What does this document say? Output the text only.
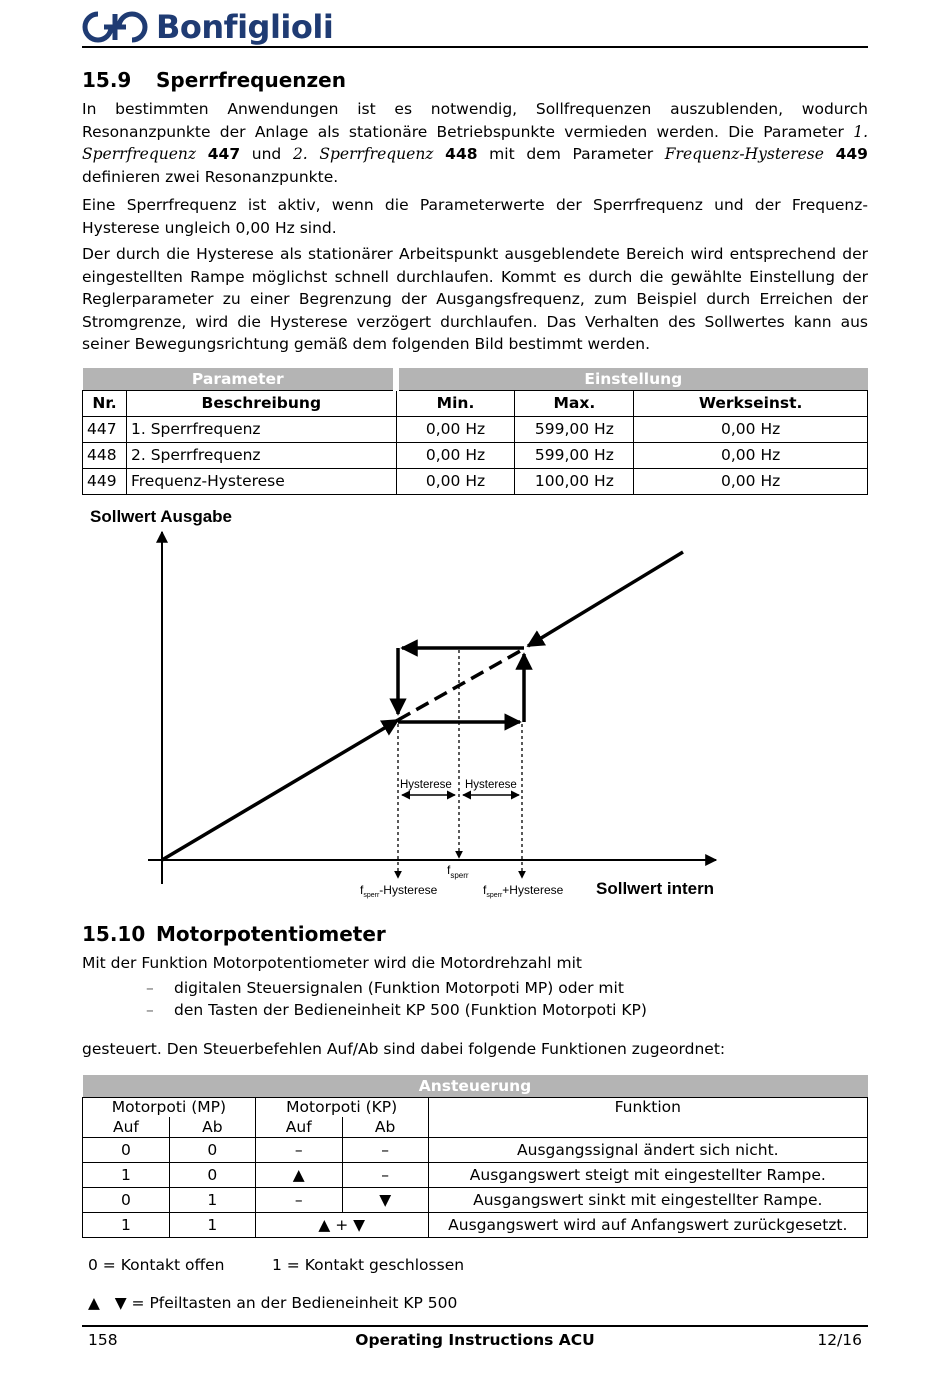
Bonfiglioli
15.9 Sperrfrequenzen
In bestimmten Anwendungen ist es notwendig, Sollfrequenzen auszublenden, wodurch Resonanzpunkte der Anlage als stationäre Betriebspunkte vermieden werden. Die Parameter 1. Sperrfrequenz 447 und 2. Sperrfrequenz 448 mit dem Parameter Frequenz-Hysterese 449 definieren zwei Resonanzpunkte.
Eine Sperrfrequenz ist aktiv, wenn die Parameterwerte der Sperrfrequenz und der Frequenz-Hysterese ungleich 0,00 Hz sind.
Der durch die Hysterese als stationärer Arbeitspunkt ausgeblendete Bereich wird entsprechend der eingestellten Rampe möglichst schnell durchlaufen. Kommt es durch die gewählte Einstellung der Reglerparameter zu einer Begrenzung der Ausgangsfrequenz, zum Beispiel durch Erreichen der Stromgrenze, wird die Hysterese verzögert durchlaufen. Das Verhalten des Sollwertes kann aus seiner Bewegungsrichtung gemäß dem folgenden Bild bestimmt werden.
Parameter		Einstellung		
Nr.	Beschreibung	Min.	Max.	Werkseinst.
447	1. Sperrfrequenz	0,00 Hz	599,00 Hz	0,00 Hz
448	2. Sperrfrequenz	0,00 Hz	599,00 Hz	0,00 Hz
449	Frequenz-Hysterese	0,00 Hz	100,00 Hz	0,00 Hz
Sollwert Ausgabe
Sollwert intern
Hysterese Hysterese
$f_{sperr}$
$f_{sperr}$-Hysterese	$f_{sperr}+Hysterese$
15.10 Motorpotentiometer
Mit der Funktion Motorpotentiometer wird die Motordrehzahl mit
– digitalen Steuersignalen (Funktion Motorpoti MP) oder mit
– den Tasten der Bedieneinheit KP 500 (Funktion Motorpoti KP)
gesteuert. Den Steuerbefehlen Auf/Ab sind dabei folgende Funktionen zugeordnet:
Ansteuerung				
Motorpoti (MP)		Motorpoti (KP)		Funktion
Auf	Ab	Auf	Ab	
0	0	–	–	Ausgangssignal ändert sich nicht.
1	0	▲	–	Ausgangswert steigt mit eingestellter Rampe.
0	1	–	▼	Ausgangswert sinkt mit eingestellter Rampe.
1	1	▲ + ▼		Ausgangswert wird auf Anfangswert zurückgesetzt.
0 = Kontakt offen	1 = Kontakt geschlossen
▲   ▼ = Pfeiltasten an der Bedieneinheit KP 500
158	Operating Instructions ACU	12/16
